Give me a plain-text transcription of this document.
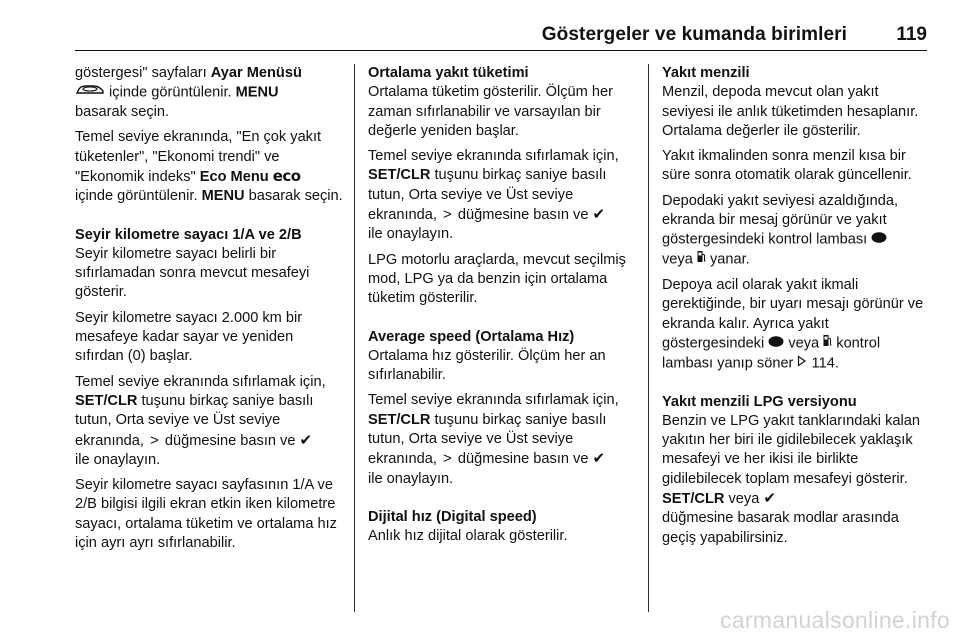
Göstergeler ve kumanda birimleri	119

göstergesi" sayfaları Ayar Menüsü
içinde görüntülenir. MENU
basarak seçin.

Temel seviye ekranında, "En çok yakıt tüketenler", "Ekonomi trendi" ve "Ekonomik indeks" Eco Menu eco
içinde görüntülenir. MENU basarak seçin.

Seyir kilometre sayacı 1/A ve 2/B

Seyir kilometre sayacı belirli bir sıfırlamadan sonra mevcut mesafeyi gösterir.

Seyir kilometre sayacı 2.000 km bir mesafeye kadar sayar ve yeniden sıfırdan (0) başlar.

Temel seviye ekranında sıfırlamak için, SET/CLR tuşunu birkaç saniye basılı tutun, Orta seviye ve Üst seviye ekranında, > düğmesine basın ve ✔
ile onaylayın.

Seyir kilometre sayacı sayfasının 1/A ve 2/B bilgisi ilgili ekran etkin iken kilometre sayacı, ortalama tüketim ve ortalama hız için ayrı ayrı sıfırlanabilir.

Ortalama yakıt tüketimi

Ortalama tüketim gösterilir. Ölçüm her zaman sıfırlanabilir ve varsayılan bir değerle yeniden başlar.

Temel seviye ekranında sıfırlamak için, SET/CLR tuşunu birkaç saniye basılı tutun, Orta seviye ve Üst seviye ekranında, > düğmesine basın ve ✔
ile onaylayın.

LPG motorlu araçlarda, mevcut seçilmiş mod, LPG ya da benzin için ortalama tüketim gösterilir.

Average speed (Ortalama Hız)

Ortalama hız gösterilir. Ölçüm her an sıfırlanabilir.

Temel seviye ekranında sıfırlamak için, SET/CLR tuşunu birkaç saniye basılı tutun, Orta seviye ve Üst seviye ekranında, > düğmesine basın ve ✔
ile onaylayın.

Dijital hız (Digital speed)

Anlık hız dijital olarak gösterilir.

Yakıt menzili

Menzil, depoda mevcut olan yakıt seviyesi ile anlık tüketimden hesaplanır. Ortalama değerler ile gösterilir.

Yakıt ikmalinden sonra menzil kısa bir süre sonra otomatik olarak güncellenir.

Depodaki yakıt seviyesi azaldığında, ekranda bir mesaj görünür ve yakıt göstergesindeki kontrol lambası
veya  yanar.

Depoya acil olarak yakıt ikmali gerektiğinde, bir uyarı mesajı görünür ve ekranda kalır. Ayrıca yakıt göstergesindeki  veya  kontrol lambası yanıp söner  114.

Yakıt menzili LPG versiyonu

Benzin ve LPG yakıt tanklarındaki kalan yakıtın her biri ile gidilebilecek yaklaşık mesafeyi ve her ikisi ile birlikte gidilebilecek toplam mesafeyi gösterir. SET/CLR veya ✔
düğmesine basarak modlar arasında geçiş yapabilirsiniz.

carmanualsonline.info
